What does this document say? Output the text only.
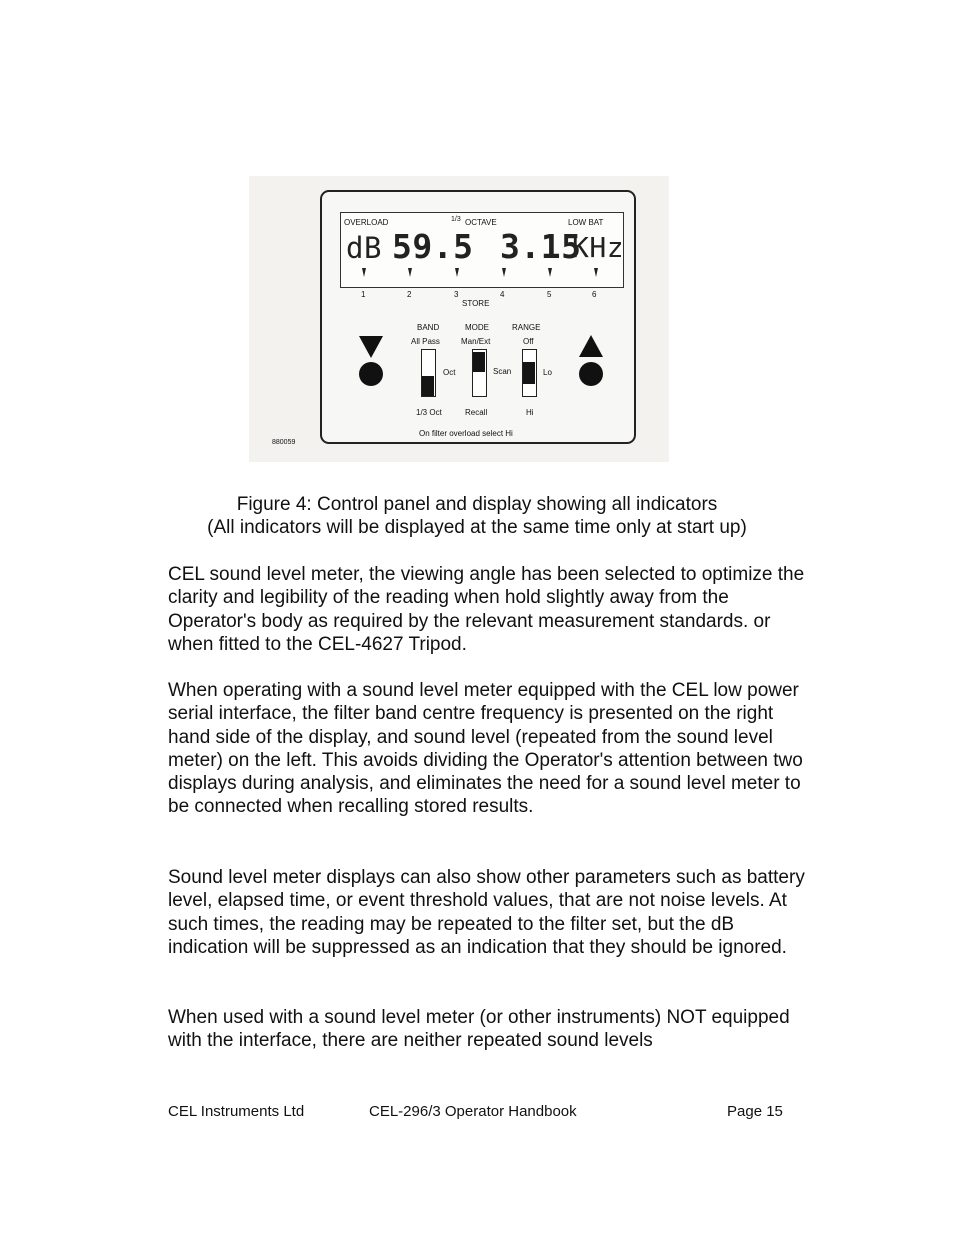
OVERLOAD	1/3 OCTAVE	LOW BAT
dB 59.5 3.15
KHz
1	2	3	4	5	6
STORE
BAND
All Pass
Oct
1/3 Oct
MODE
Man/Ext
Scan
Recall
RANGE
Off
Lo
Hi
880059
On filter overload select Hi
Figure 4: Control panel and display showing all indicators
(All indicators will be displayed at the same time only at start up)

CEL sound level meter, the viewing angle has been selected to optimize the clarity and legibility of the reading when hold slightly away from the Operator's body as required by the relevant measurement standards. or when fitted to the CEL-4627 Tripod.

When operating with a sound level meter equipped with the CEL low power serial interface, the filter band centre frequency is presented on the right hand side of the display, and sound level (repeated from the sound level meter) on the left. This avoids dividing the Operator's attention between two displays during analysis, and eliminates the need for a sound level meter to be connected when recalling stored results.

Sound level meter displays can also show other parameters such as battery level, elapsed time, or event threshold values, that are not noise levels. At such times, the reading may be repeated to the filter set, but the dB indication will be suppressed as an indication that they should be ignored.

When used with a sound level meter (or other instruments) NOT equipped with the interface, there are neither repeated sound levels

CEL Instruments Ltd	CEL-296/3 Operator Handbook	Page 15
